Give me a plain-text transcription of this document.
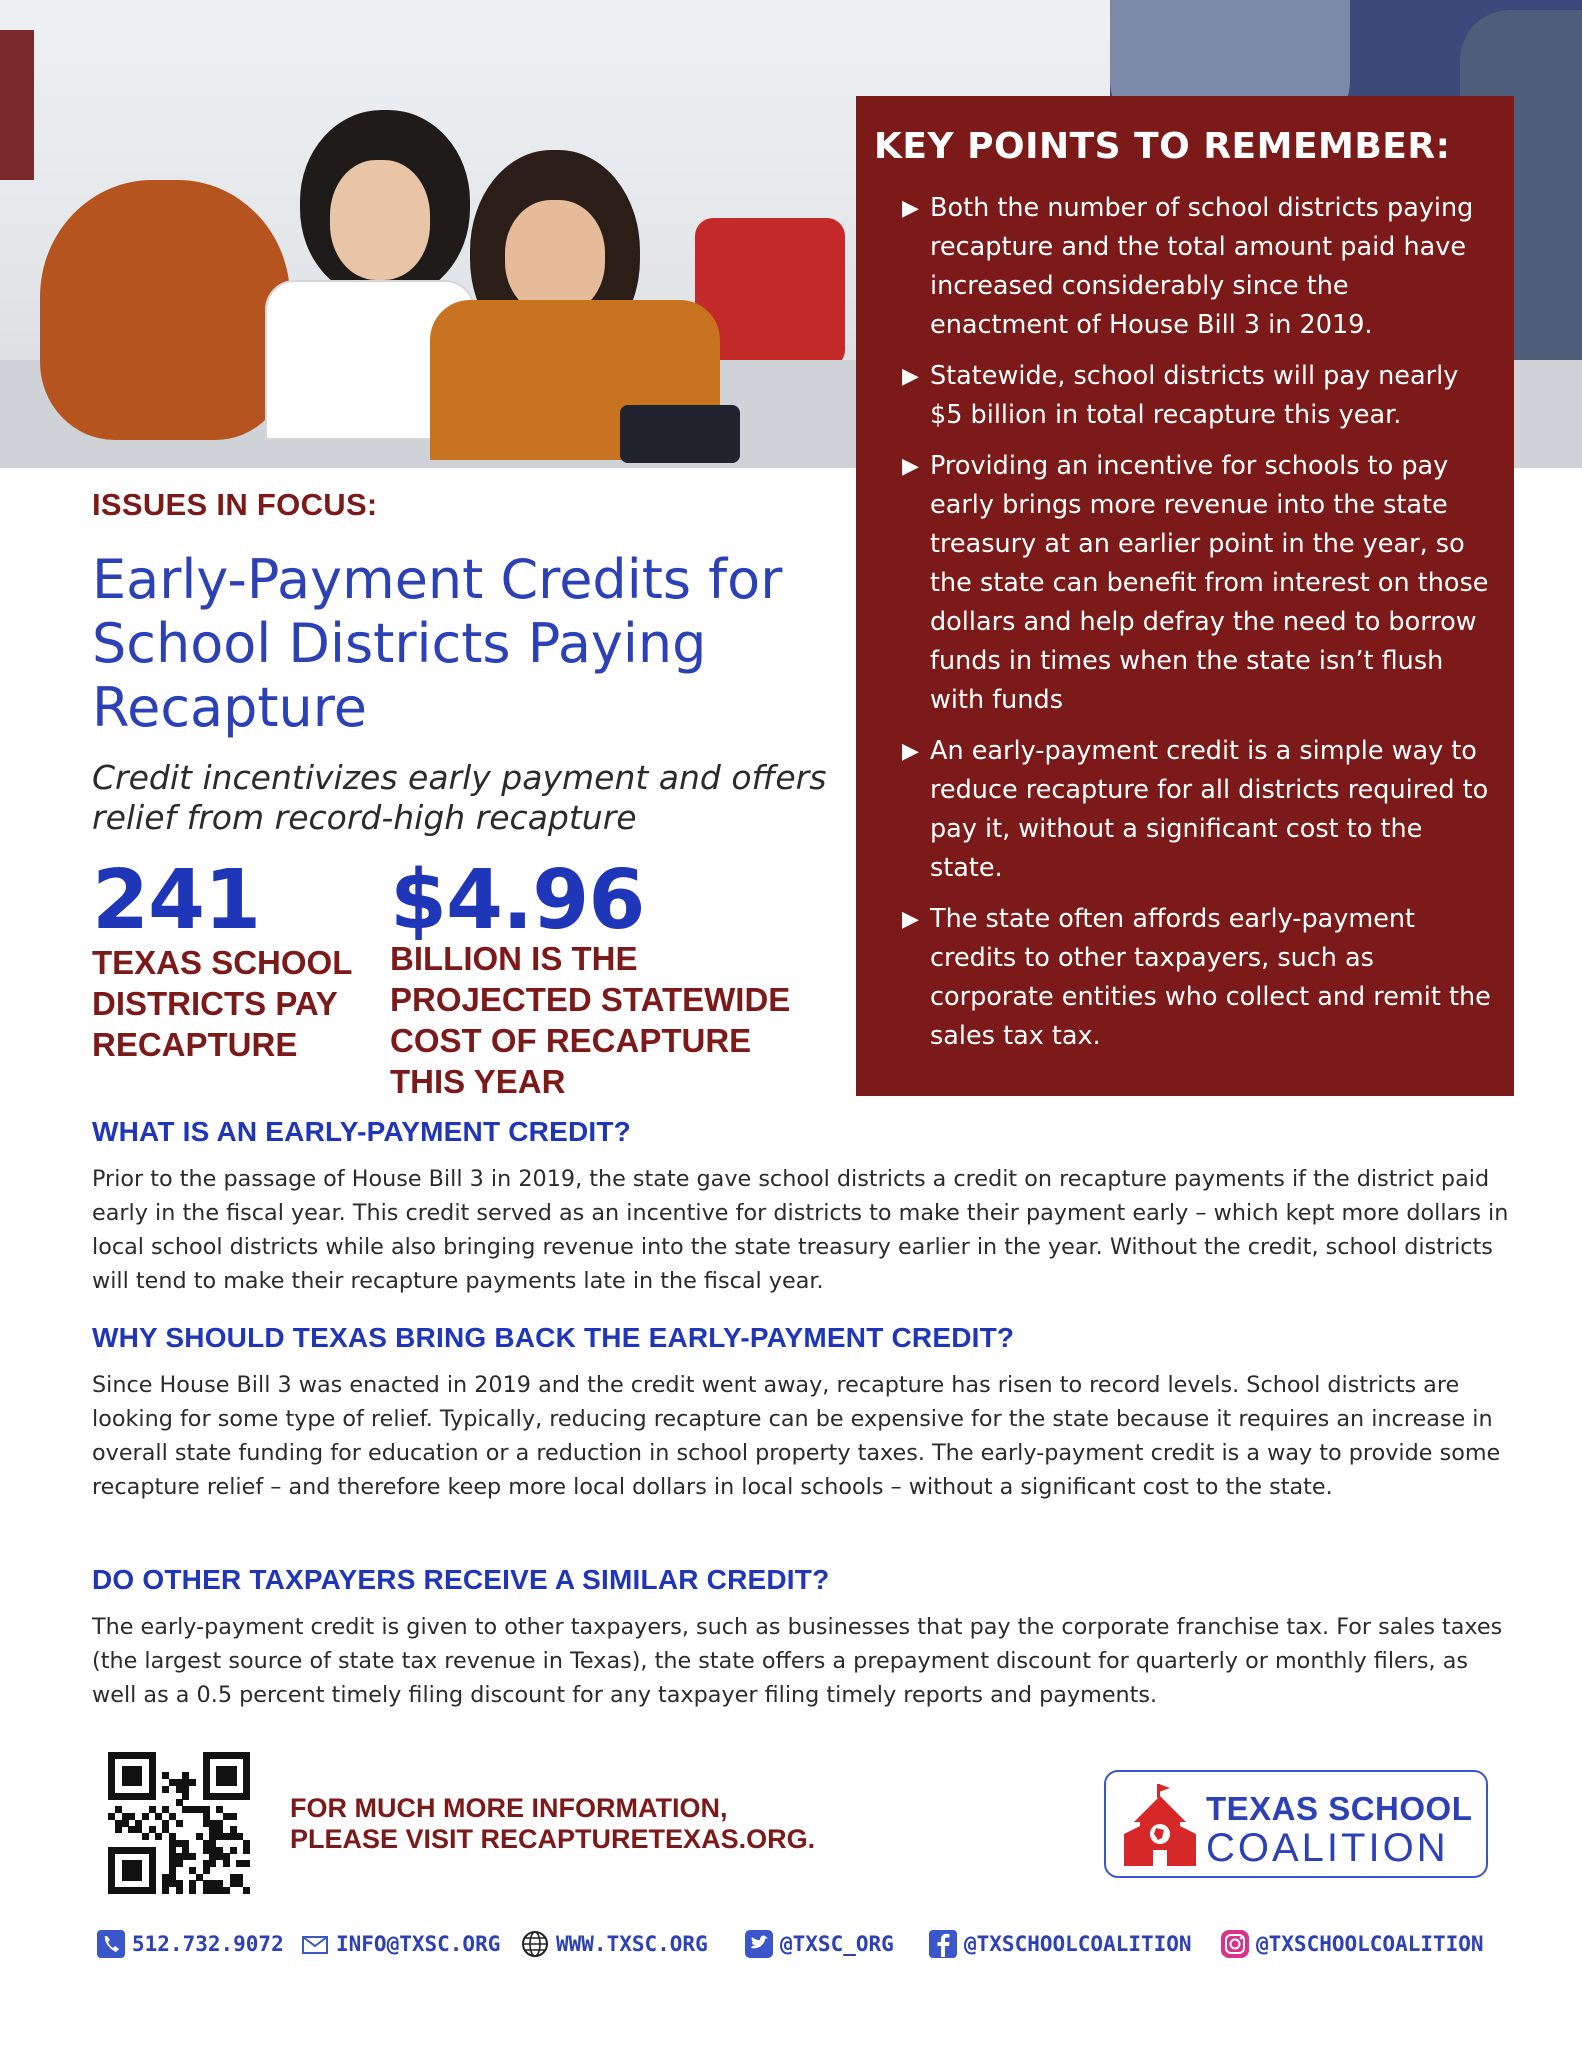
KEY POINTS TO REMEMBER:
▶ Both the number of school districts paying recapture and the total amount paid have increased considerably since the enactment of House Bill 3 in 2019.
▶ Statewide, school districts will pay nearly $5 billion in total recapture this year.
▶ Providing an incentive for schools to pay early brings more revenue into the state treasury at an earlier point in the year, so the state can benefit from interest on those dollars and help defray the need to borrow funds in times when the state isn’t flush with funds
▶ An early-payment credit is a simple way to reduce recapture for all districts required to pay it, without a significant cost to the state.
▶ The state often affords early-payment credits to other taxpayers, such as corporate entities who collect and remit the sales tax tax.
ISSUES IN FOCUS:
Early-Payment Credits for School Districts Paying Recapture
Credit incentivizes early payment and offers relief from record-high recapture
241
TEXAS SCHOOL
DISTRICTS PAY
RECAPTURE
$4.96
BILLION IS THE
PROJECTED STATEWIDE
COST OF RECAPTURE
THIS YEAR
WHAT IS AN EARLY-PAYMENT CREDIT?
Prior to the passage of House Bill 3 in 2019, the state gave school districts a credit on recapture payments if the district paid early in the fiscal year. This credit served as an incentive for districts to make their payment early – which kept more dollars in local school districts while also bringing revenue into the state treasury earlier in the year. Without the credit, school districts will tend to make their recapture payments late in the fiscal year.
WHY SHOULD TEXAS BRING BACK THE EARLY-PAYMENT CREDIT?
Since House Bill 3 was enacted in 2019 and the credit went away, recapture has risen to record levels. School districts are looking for some type of relief. Typically, reducing recapture can be expensive for the state because it requires an increase in overall state funding for education or a reduction in school property taxes. The early-payment credit is a way to provide some recapture relief – and therefore keep more local dollars in local schools – without a significant cost to the state.
DO OTHER TAXPAYERS RECEIVE A SIMILAR CREDIT?
The early-payment credit is given to other taxpayers, such as businesses that pay the corporate franchise tax. For sales taxes (the largest source of state tax revenue in Texas), the state offers a prepayment discount for quarterly or monthly filers, as well as a 0.5 percent timely filing discount for any taxpayer filing timely reports and payments.
FOR MUCH MORE INFORMATION,
PLEASE VISIT RECAPTURETEXAS.ORG.
TEXAS SCHOOL
COALITION
512.732.9072 INFO@TXSC.ORG	WWW.TXSC.ORG	@TXSC_ORG	@TXSCHOOLCOALITION	@TXSCHOOLCOALITION
